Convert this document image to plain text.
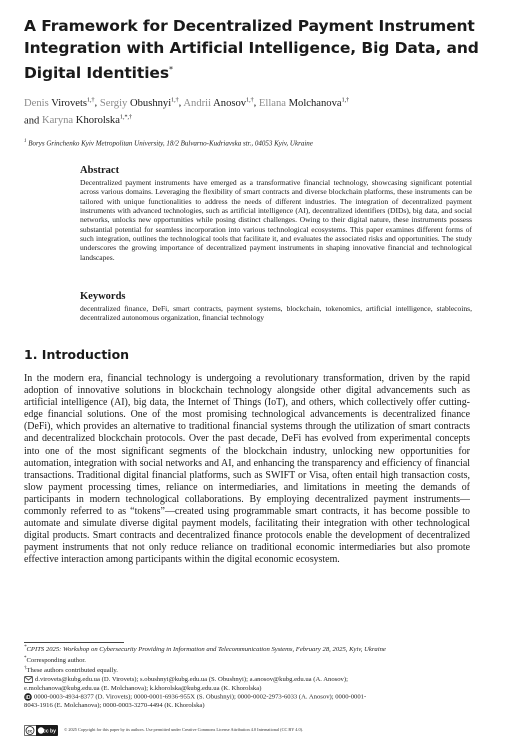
A Framework for Decentralized Payment Instrument Integration with Artificial Intelligence, Big Data, and Digital Identities*
Denis Virovets$^{1,\dagger}$, Sergiy Obushnyi$^{1,\dagger}$, Andrii Anosov$^{1,\dagger}$, Ellana Molchanova$^{1,\dagger}$
and Karyna Khorolska$^{1,*,\dagger}$
$^1$ Borys Grinchenko Kyiv Metropolitan University, 18/2 Bulvarno-Kudriavska str., 04053 Kyiv, Ukraine
Abstract
Decentralized payment instruments have emerged as a transformative financial technology, showcasing significant potential across various domains. Leveraging the flexibility of smart contracts and diverse blockchain platforms, these instruments can be tailored with unique functionalities to address the needs of different industries. The integration of decentralized payment instruments with advanced technologies, such as artificial intelligence (AI), decentralized identifiers (DIDs), big data, and social networks, unlocks new opportunities while posing distinct challenges. Owing to their digital nature, these instruments possess substantial potential for seamless incorporation into various technological ecosystems. This paper examines different forms of such integration, outlines the technological tools that facilitate it, and evaluates the associated risks and opportunities. The study underscores the growing importance of decentralized payment instruments in shaping innovative financial and technological landscapes.
Keywords
decentralized finance, DeFi, smart contracts, payment systems, blockchain, tokenomics, artificial intelligence, stablecoins, decentralized autonomous organization, financial technology
1. Introduction
In the modern era, financial technology is undergoing a revolutionary transformation, driven by the rapid adoption of innovative solutions in blockchain technology alongside other digital advancements such as artificial intelligence (AI), big data, the Internet of Things (IoT), and others, which collectively offer cutting-edge financial solutions. One of the most promising technological advancements is decentralized finance (DeFi), which provides an alternative to traditional financial systems through the utilization of smart contracts and decentralized blockchain protocols. Over the past decade, DeFi has evolved from experimental concepts into one of the most significant segments of the blockchain industry, unlocking new opportunities for automation, integration with social networks and AI, and enhancing the transparency and efficiency of financial transactions. Traditional digital financial platforms, such as SWIFT or Visa, often entail high transaction costs, slow payment processing times, reliance on intermediaries, and limitations in meeting the demands of participants in modern technological collaborations. By employing decentralized payment instruments—commonly referred to as “tokens”—created using programmable smart contracts, it has become possible to automate and simulate diverse digital payment models, facilitating their integration with other technological digital products. Smart contracts and decentralized finance protocols enable the development of decentralized payment instruments that not only reduce reliance on traditional economic intermediaries but also promote effective interaction among participants within the digital economic ecosystem.
*CPITS 2025: Workshop on Cybersecurity Providing in Information and Telecommunication Systems, February 28, 2025, Kyiv, Ukraine
*Corresponding author.
†These authors contributed equally.
d.virovets@kubg.edu.ua (D. Virovets); s.obushnyi@kubg.edu.ua (S. Obushnyi); a.anosov@kubg.edu.ua (A. Anosov);
e.molchanova@kubg.edu.ua (E. Molchanova); k.khorolska@kubg.edu.ua (K. Khorolska)
iD 0000-0003-4934-8377 (D. Virovets); 0000-0001-6936-955X (S. Obushnyi); 0000-0002-2973-6033 (A. Anosov); 0000-0001-
8043-1916 (E. Molchanova); 0000-0003-3270-4494 (K. Khorolska)
cc cc by © 2025 Copyright for this paper by its authors. Use permitted under Creative Commons License Attribution 4.0 International (CC BY 4.0).
